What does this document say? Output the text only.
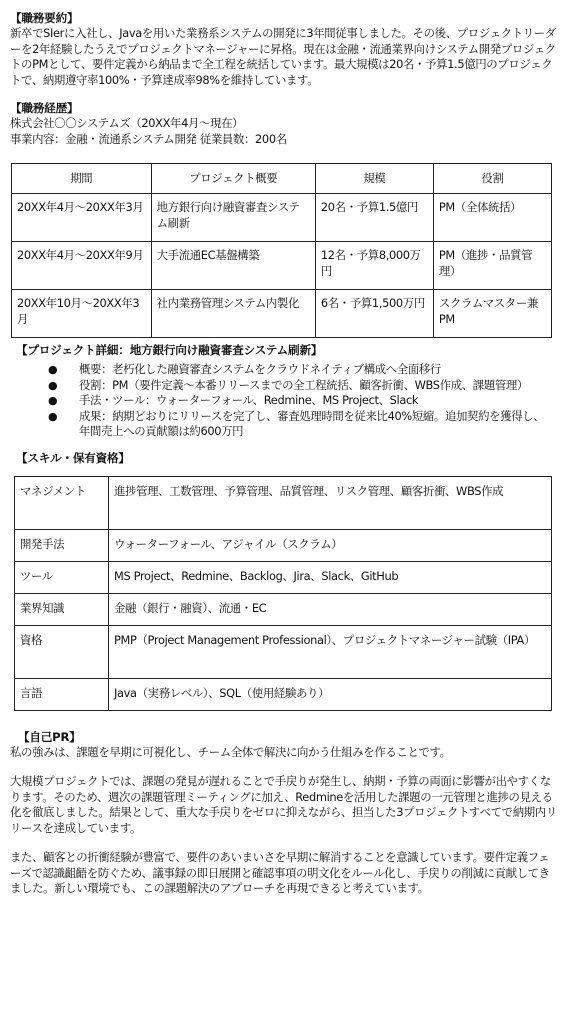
【職務要約】

新卒でSIerに入社し、Javaを用いた業務系システムの開発に3年間従事しました。その後、プロジェクトリーダーを2年経験したうえでプロジェクトマネージャーに昇格。現在は金融・流通業界向けシステム開発プロジェクトのPMとして、要件定義から納品まで全工程を統括しています。最大規模は20名・予算1.5億円のプロジェクトで、納期遵守率100%・予算達成率98%を維持しています。

【職務経歴】
株式会社〇〇システムズ（20XX年4月〜現在）
事業内容：金融・流通系システム開発 従業員数：200名
期間	プロジェクト概要	規模	役割
20XX年4月〜20XX年3月	地方銀行向け融資審査システム刷新	20名・予算1.5億円	PM（全体統括）
20XX年4月〜20XX年9月	大手流通EC基盤構築	12名・予算8,000万円	PM（進捗・品質管理）
20XX年10月〜20XX年3月	社内業務管理システム内製化	6名・予算1,500万円	スクラムマスター兼PM
【プロジェクト詳細：地方銀行向け融資審査システム刷新】
● 概要：老朽化した融資審査システムをクラウドネイティブ構成へ全面移行
● 役割：PM（要件定義〜本番リリースまでの全工程統括、顧客折衝、WBS作成、課題管理）
● 手法・ツール：ウォーターフォール、Redmine、MS Project、Slack
● 成果：納期どおりにリリースを完了し、審査処理時間を従来比40%短縮。追加契約を獲得し、年間売上への貢献額は約600万円
【スキル・保有資格】
マネジメント	進捗管理、工数管理、予算管理、品質管理、リスク管理、顧客折衝、WBS作成
開発手法	ウォーターフォール、アジャイル（スクラム）
ツール	MS Project、Redmine、Backlog、Jira、Slack、GitHub
業界知識	金融（銀行・融資）、流通・EC
資格	PMP（Project Management Professional）、プロジェクトマネージャー試験（IPA）
言語	Java（実務レベル）、SQL（使用経験あり）
【自己PR】

私の強みは、課題を早期に可視化し、チーム全体で解決に向かう仕組みを作ることです。

大規模プロジェクトでは、課題の発見が遅れることで手戻りが発生し、納期・予算の両面に影響が出やすくなります。そのため、週次の課題管理ミーティングに加え、Redmineを活用した課題の一元管理と進捗の見える化を徹底しました。結果として、重大な手戻りをゼロに抑えながら、担当した3プロジェクトすべてで納期内リリースを達成しています。

また、顧客との折衝経験が豊富で、要件のあいまいさを早期に解消することを意識しています。要件定義フェーズで認識齟齬を防ぐため、議事録の即日展開と確認事項の明文化をルール化し、手戻りの削減に貢献してきました。新しい環境でも、この課題解決のアプローチを再現できると考えています。
